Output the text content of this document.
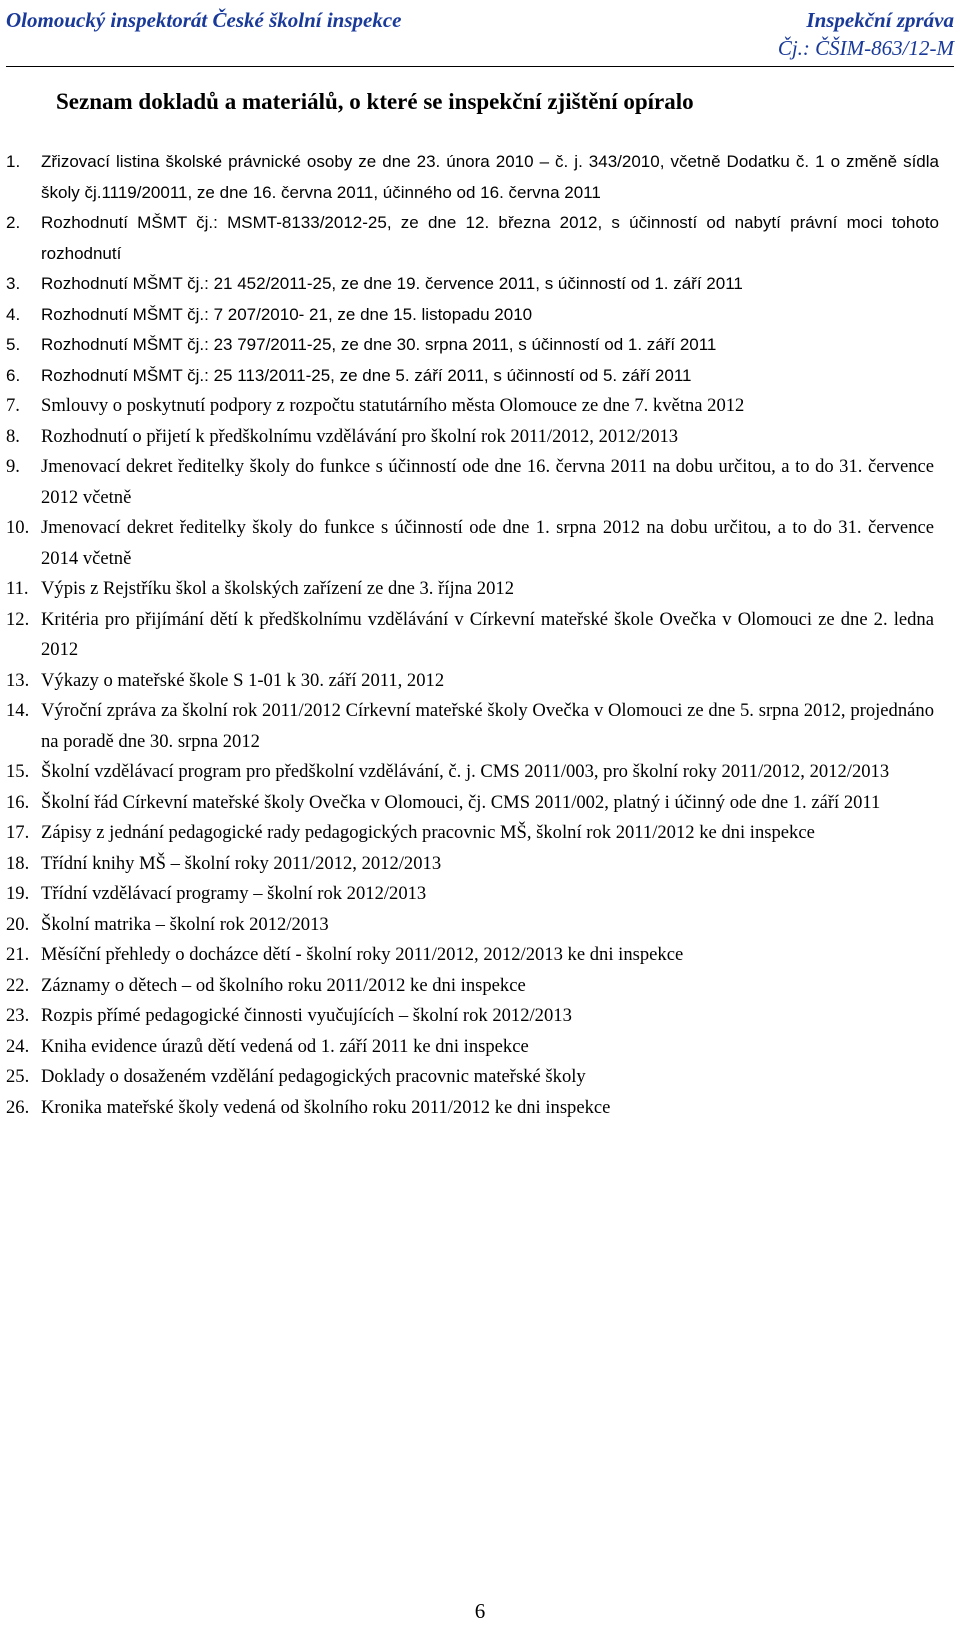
Olomoucký inspektorát České školní inspekce	Inspekční zpráva
Čj.: ČŠIM-863/12-M
Seznam dokladů a materiálů, o které se inspekční zjištění opíralo
1.	Zřizovací listina školské právnické osoby ze dne 23. února 2010 – č. j. 343/2010, včetně Dodatku č. 1 o změně sídla školy čj.1119/20011, ze dne 16. června 2011, účinného od 16. června 2011
2.	Rozhodnutí MŠMT čj.: MSMT-8133/2012-25, ze dne 12. března 2012, s účinností od nabytí právní moci tohoto rozhodnutí
3.	Rozhodnutí MŠMT čj.: 21 452/2011-25, ze dne 19. července 2011, s účinností od 1. září 2011
4.	Rozhodnutí MŠMT čj.: 7 207/2010- 21, ze dne 15. listopadu 2010
5.	Rozhodnutí MŠMT čj.: 23 797/2011-25, ze dne 30. srpna 2011, s účinností od 1. září 2011
6.	Rozhodnutí MŠMT čj.: 25 113/2011-25, ze dne 5. září 2011, s účinností od 5. září 2011
7.	Smlouvy o poskytnutí podpory z rozpočtu statutárního města Olomouce ze dne 7. května 2012
8.	Rozhodnutí o přijetí k předškolnímu vzdělávání pro školní rok 2011/2012, 2012/2013
9.	Jmenovací dekret ředitelky školy do funkce s účinností ode dne 16. června 2011 na dobu určitou, a to do 31. července 2012 včetně
10. Jmenovací dekret ředitelky školy do funkce s účinností ode dne 1. srpna 2012 na dobu určitou, a to do 31. července 2014 včetně
11. Výpis z Rejstříku škol a školských zařízení ze dne 3. října 2012
12. Kritéria pro přijímání dětí k předškolnímu vzdělávání v Církevní mateřské škole Ovečka v Olomouci ze dne 2. ledna 2012
13. Výkazy o mateřské škole S 1-01 k 30. září 2011, 2012
14. Výroční zpráva za školní rok 2011/2012 Církevní mateřské školy Ovečka v Olomouci ze dne 5. srpna 2012, projednáno na poradě dne 30. srpna 2012
15. Školní vzdělávací program pro předškolní vzdělávání, č. j. CMS 2011/003, pro školní roky 2011/2012, 2012/2013
16. Školní řád Církevní mateřské školy Ovečka v Olomouci, čj. CMS 2011/002, platný i účinný ode dne 1. září 2011
17. Zápisy z jednání pedagogické rady pedagogických pracovnic MŠ, školní rok 2011/2012 ke dni inspekce
18. Třídní knihy MŠ – školní roky 2011/2012, 2012/2013
19. Třídní vzdělávací programy – školní rok 2012/2013
20. Školní matrika – školní rok 2012/2013
21. Měsíční přehledy o docházce dětí - školní roky 2011/2012, 2012/2013 ke dni inspekce
22. Záznamy o dětech – od školního roku 2011/2012 ke dni inspekce
23. Rozpis přímé pedagogické činnosti vyučujících – školní rok 2012/2013
24. Kniha evidence úrazů dětí vedená od 1. září 2011 ke dni inspekce
25. Doklady o dosaženém vzdělání pedagogických pracovnic mateřské školy
26. Kronika mateřské školy vedená od školního roku 2011/2012 ke dni inspekce
6
